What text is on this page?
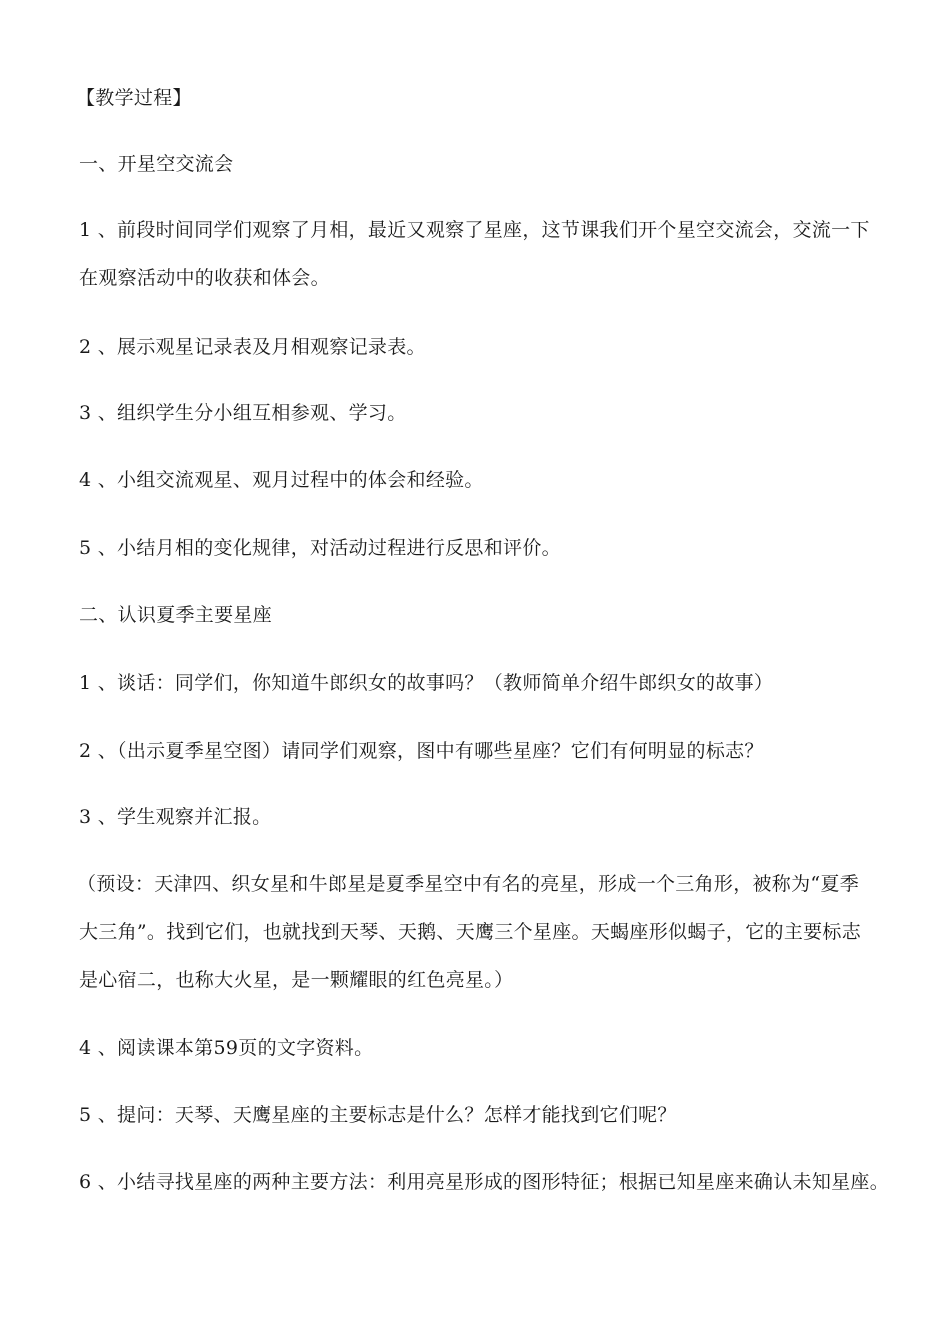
【教学过程】
一、开星空交流会
1 、前段时间同学们观察了月相，最近又观察了星座，这节课我们开个星空交流会，交流一下
在观察活动中的收获和体会。
2 、展示观星记录表及月相观察记录表。
3 、组织学生分小组互相参观、学习。
4 、小组交流观星、观月过程中的体会和经验。
5 、小结月相的变化规律，对活动过程进行反思和评价。
二、认识夏季主要星座
1 、谈话：同学们，你知道牛郎织女的故事吗？（教师简单介绍牛郎织女的故事）
2 、（出示夏季星空图）请同学们观察，图中有哪些星座？它们有何明显的标志？
3 、学生观察并汇报。
（预设：天津四、织女星和牛郎星是夏季星空中有名的亮星，形成一个三角形，被称为“夏季
大三角”。找到它们，也就找到天琴、天鹅、天鹰三个星座。天蝎座形似蝎子，它的主要标志
是心宿二，也称大火星，是一颗耀眼的红色亮星。）
4 、阅读课本第59页的文字资料。
5 、提问：天琴、天鹰星座的主要标志是什么？怎样才能找到它们呢？
6 、小结寻找星座的两种主要方法：利用亮星形成的图形特征；根据已知星座来确认未知星座。
